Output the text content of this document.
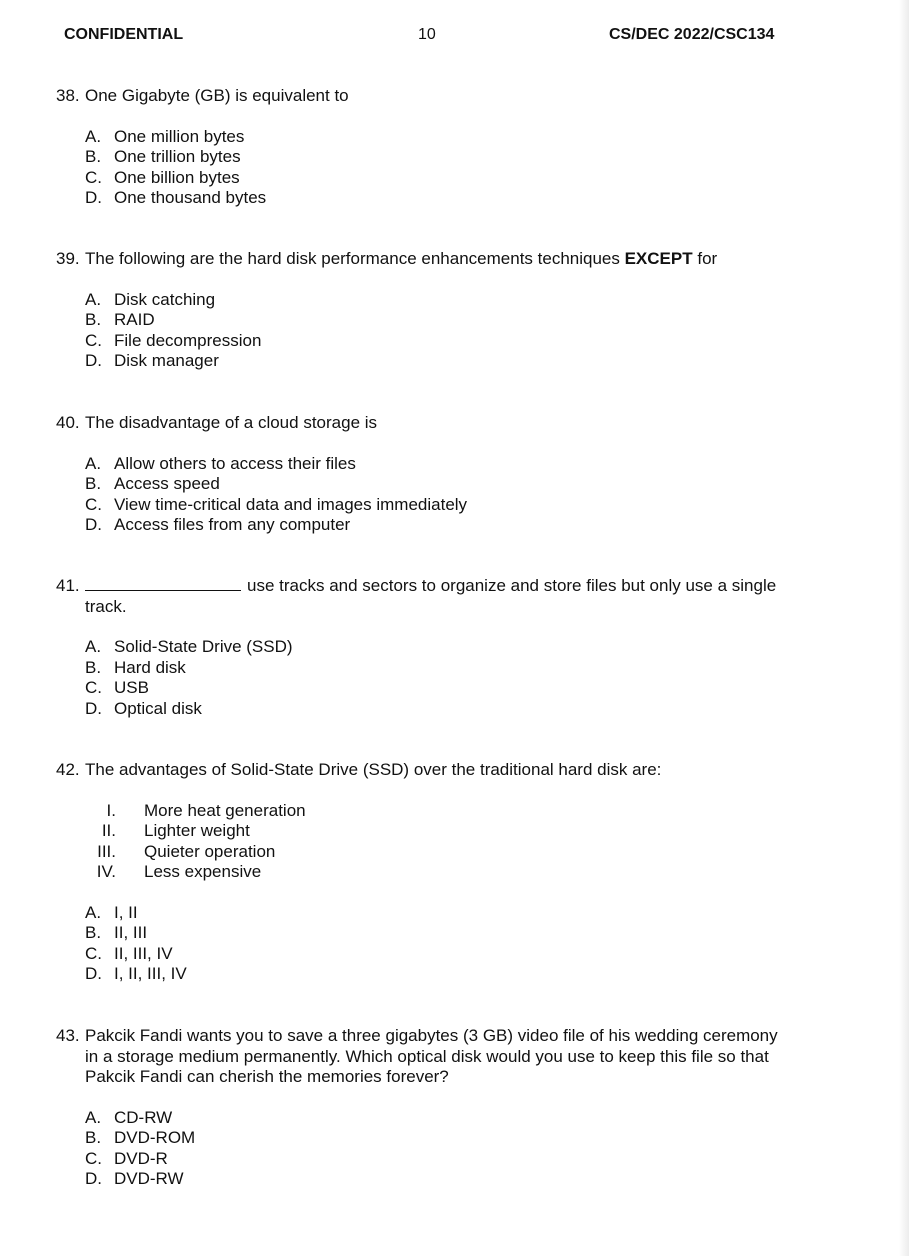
CONFIDENTIAL	10	CS/DEC 2022/CSC134
38. One Gigabyte (GB) is equivalent to
A. One million bytes
B. One trillion bytes
C. One billion bytes
D. One thousand bytes
39. The following are the hard disk performance enhancements techniques EXCEPT for
A. Disk catching
B. RAID
C. File decompression
D. Disk manager
40. The disadvantage of a cloud storage is
A. Allow others to access their files
B. Access speed
C. View time-critical data and images immediately
D. Access files from any computer
41.	use tracks and sectors to organize and store files but only use a single
track.
A. Solid-State Drive (SSD)
B. Hard disk
C. USB
D. Optical disk
42. The advantages of Solid-State Drive (SSD) over the traditional hard disk are:
I.	More heat generation
II.	Lighter weight
III.	Quieter operation
IV.	Less expensive
A. I, II
B. II, III
C. II, III, IV
D. I, II, III, IV
43. Pakcik Fandi wants you to save a three gigabytes (3 GB) video file of his wedding ceremony
in a storage medium permanently. Which optical disk would you use to keep this file so that
Pakcik Fandi can cherish the memories forever?
A. CD-RW
B. DVD-ROM
C. DVD-R
D. DVD-RW
